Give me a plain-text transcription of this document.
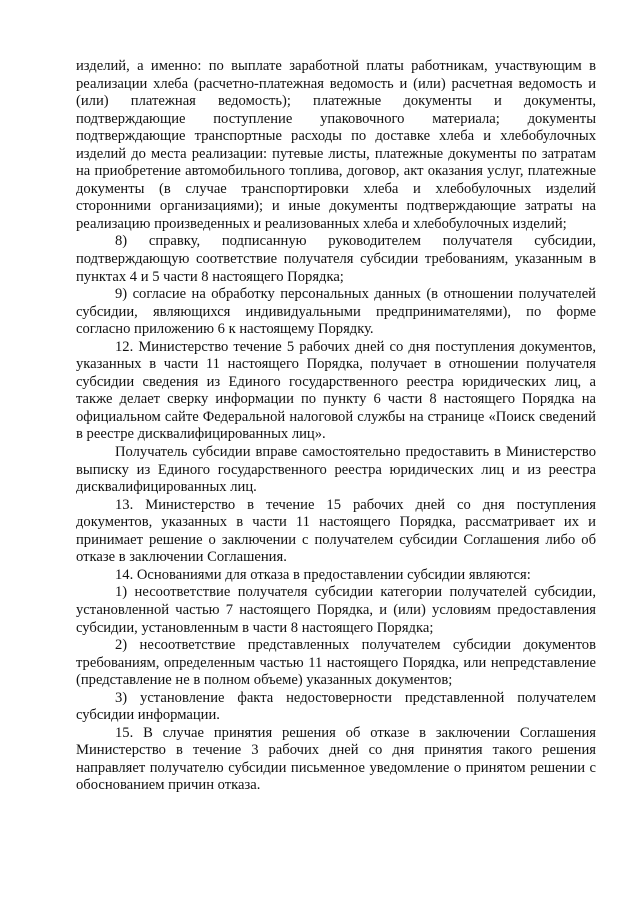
изделий, а именно: по выплате заработной платы работникам, участвующим в реализации хлеба (расчетно-платежная ведомость и (или) расчетная ведомость и (или) платежная ведомость); платежные документы и документы, подтверждающие поступление упаковочного материала; документы подтверждающие транспортные расходы по доставке хлеба и хлебобулочных изделий до места реализации: путевые листы, платежные документы по затратам на приобретение автомобильного топлива, договор, акт оказания услуг, платежные документы (в случае транспортировки хлеба и хлебобулочных изделий сторонними организациями); и иные документы подтверждающие затраты на реализацию произведенных и реализованных хлеба и хлебобулочных изделий;

8) справку, подписанную руководителем получателя субсидии, подтверждающую соответствие получателя субсидии требованиям, указанным в пунктах 4 и 5 части 8 настоящего Порядка;

9) согласие на обработку персональных данных (в отношении получателей субсидии, являющихся индивидуальными предпринимателями), по форме согласно приложению 6 к настоящему Порядку.

12. Министерство течение 5 рабочих дней со дня поступления документов, указанных в части 11 настоящего Порядка, получает в отношении получателя субсидии сведения из Единого государственного реестра юридических лиц, а также делает сверку информации по пункту 6 части 8 настоящего Порядка на официальном сайте Федеральной налоговой службы на странице «Поиск сведений в реестре дисквалифицированных лиц».

Получатель субсидии вправе самостоятельно предоставить в Министерство выписку из Единого государственного реестра юридических лиц и из реестра дисквалифицированных лиц.

13. Министерство в течение 15 рабочих дней со дня поступления документов, указанных в части 11 настоящего Порядка, рассматривает их и принимает решение о заключении с получателем субсидии Соглашения либо об отказе в заключении Соглашения.

14. Основаниями для отказа в предоставлении субсидии являются:

1) несоответствие получателя субсидии категории получателей субсидии, установленной частью 7 настоящего Порядка, и (или) условиям предоставления субсидии, установленным в части 8 настоящего Порядка;

2) несоответствие представленных получателем субсидии документов требованиям, определенным частью 11 настоящего Порядка, или непредставление (представление не в полном объеме) указанных документов;

3) установление факта недостоверности представленной получателем субсидии информации.

15. В случае принятия решения об отказе в заключении Соглашения Министерство в течение 3 рабочих дней со дня принятия такого решения направляет получателю субсидии письменное уведомление о принятом решении с обоснованием причин отказа.
